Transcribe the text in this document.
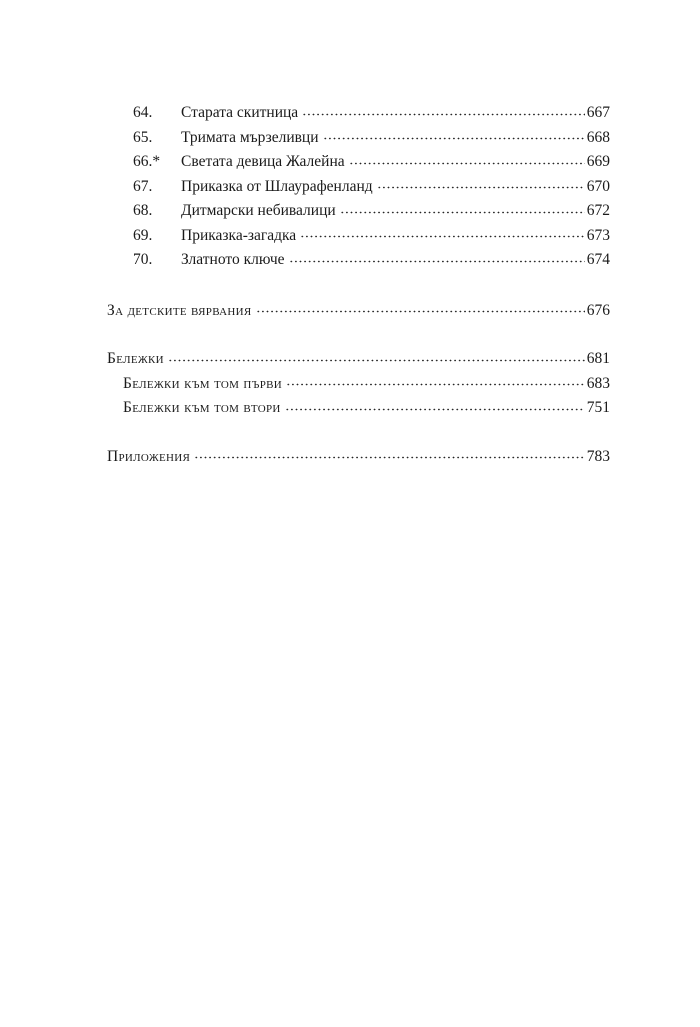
64.	Старата скитница	667
65.	Тримата мързеливци	668
66.*	Светата девица Жалейна	669
67.	Приказка от Шлаурафенланд	670
68.	Дитмарски небивалици	672
69.	Приказка-загадка	673
70.	Златното ключе	674
За детските вярвания	676
Бележки	681
Бележки към том първи	683
Бележки към том втори	751
Приложения	783
